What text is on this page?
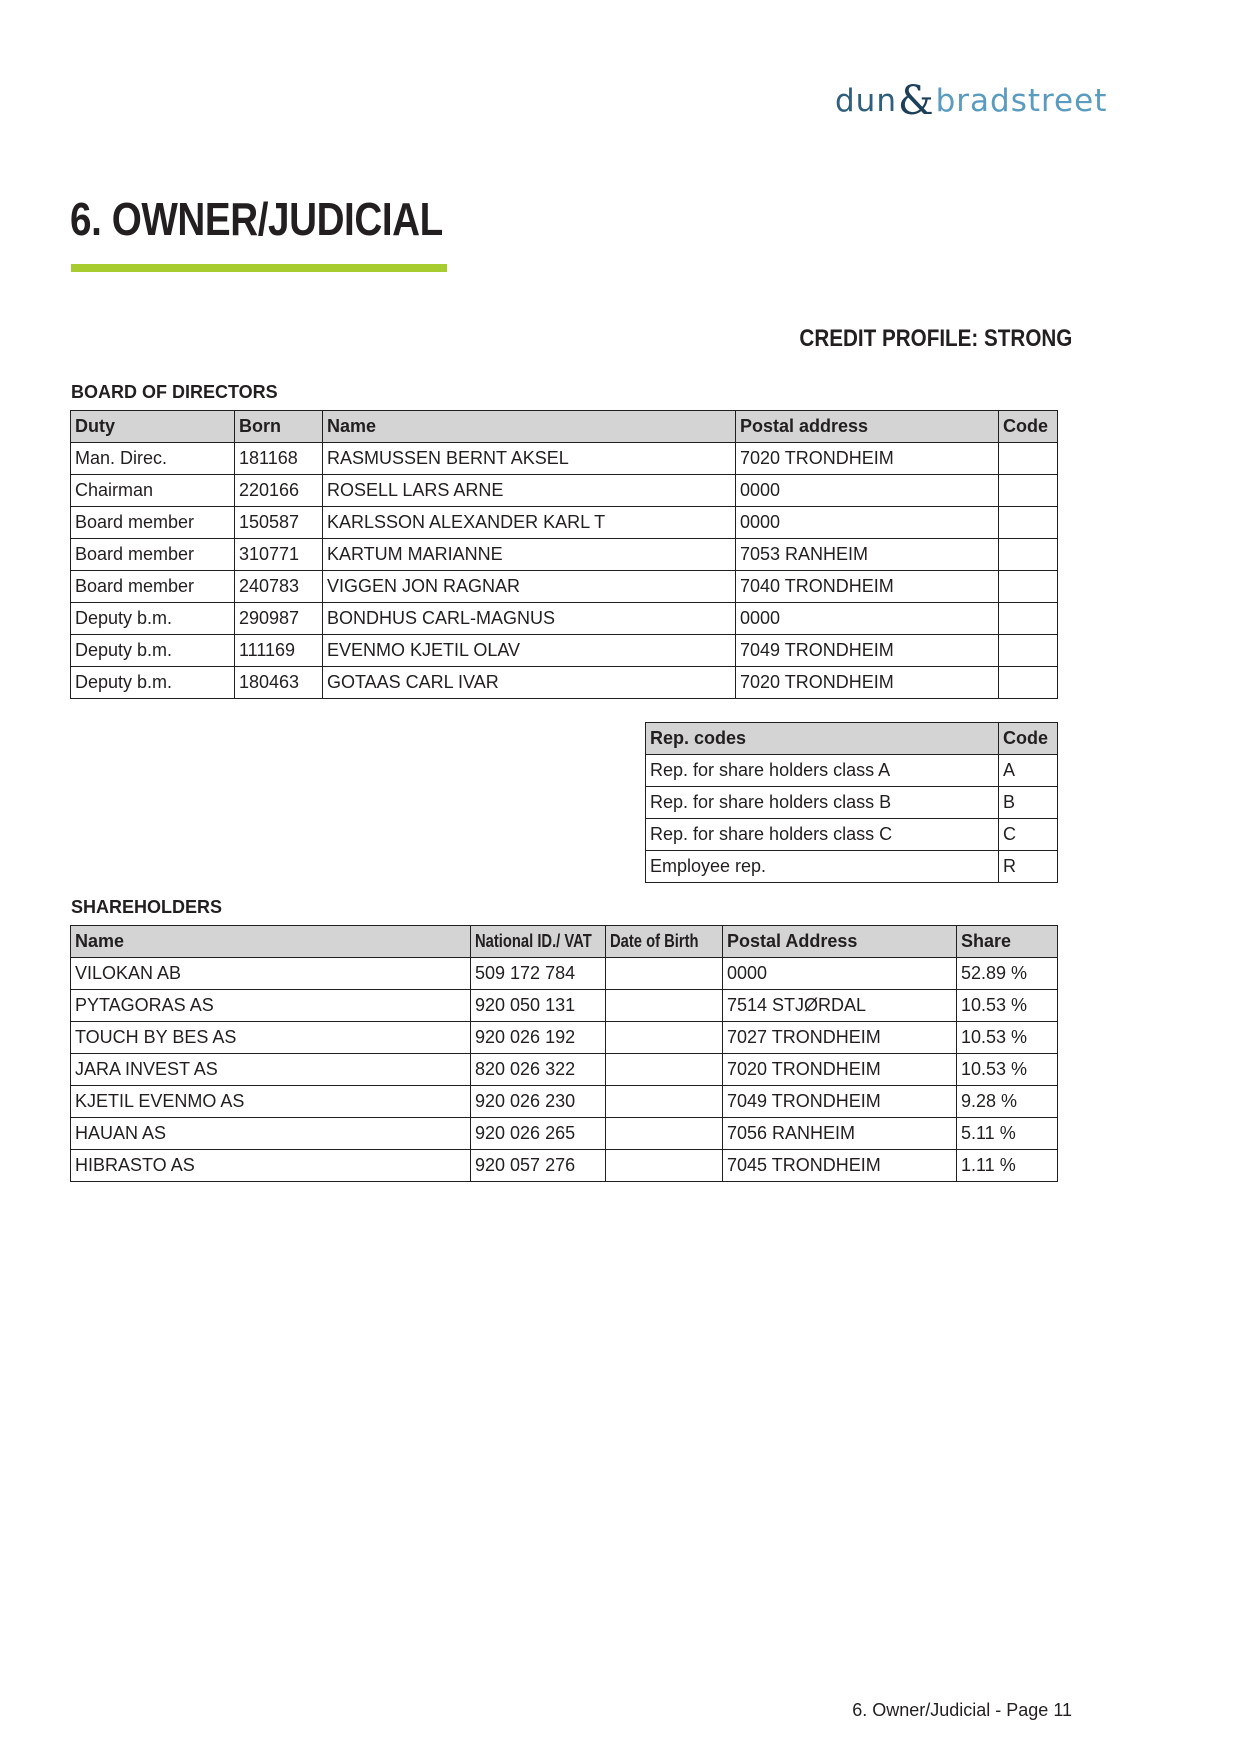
dun & bradstreet
6. OWNER/JUDICIAL
CREDIT PROFILE: STRONG
BOARD OF DIRECTORS
Duty	Born	Name	Postal address	Code
Man. Direc.	181168	RASMUSSEN BERNT AKSEL	7020 TRONDHEIM	
Chairman	220166	ROSELL LARS ARNE	0000	
Board member	150587	KARLSSON ALEXANDER KARL T	0000	
Board member	310771	KARTUM MARIANNE	7053 RANHEIM	
Board member	240783	VIGGEN JON RAGNAR	7040 TRONDHEIM	
Deputy b.m.	290987	BONDHUS CARL-MAGNUS	0000	
Deputy b.m.	111169	EVENMO KJETIL OLAV	7049 TRONDHEIM	
Deputy b.m.	180463	GOTAAS CARL IVAR	7020 TRONDHEIM	
Rep. codes	Code
Rep. for share holders class A	A
Rep. for share holders class B	B
Rep. for share holders class C	C
Employee rep.	R
SHAREHOLDERS
Name	National ID./ VAT	Date of Birth	Postal Address	Share
VILOKAN AB	509 172 784		0000	52.89 %
PYTAGORAS AS	920 050 131		7514 STJØRDAL	10.53 %
TOUCH BY BES AS	920 026 192		7027 TRONDHEIM	10.53 %
JARA INVEST AS	820 026 322		7020 TRONDHEIM	10.53 %
KJETIL EVENMO AS	920 026 230		7049 TRONDHEIM	9.28 %
HAUAN AS	920 026 265		7056 RANHEIM	5.11 %
HIBRASTO AS	920 057 276		7045 TRONDHEIM	1.11 %
6. Owner/Judicial - Page 11
